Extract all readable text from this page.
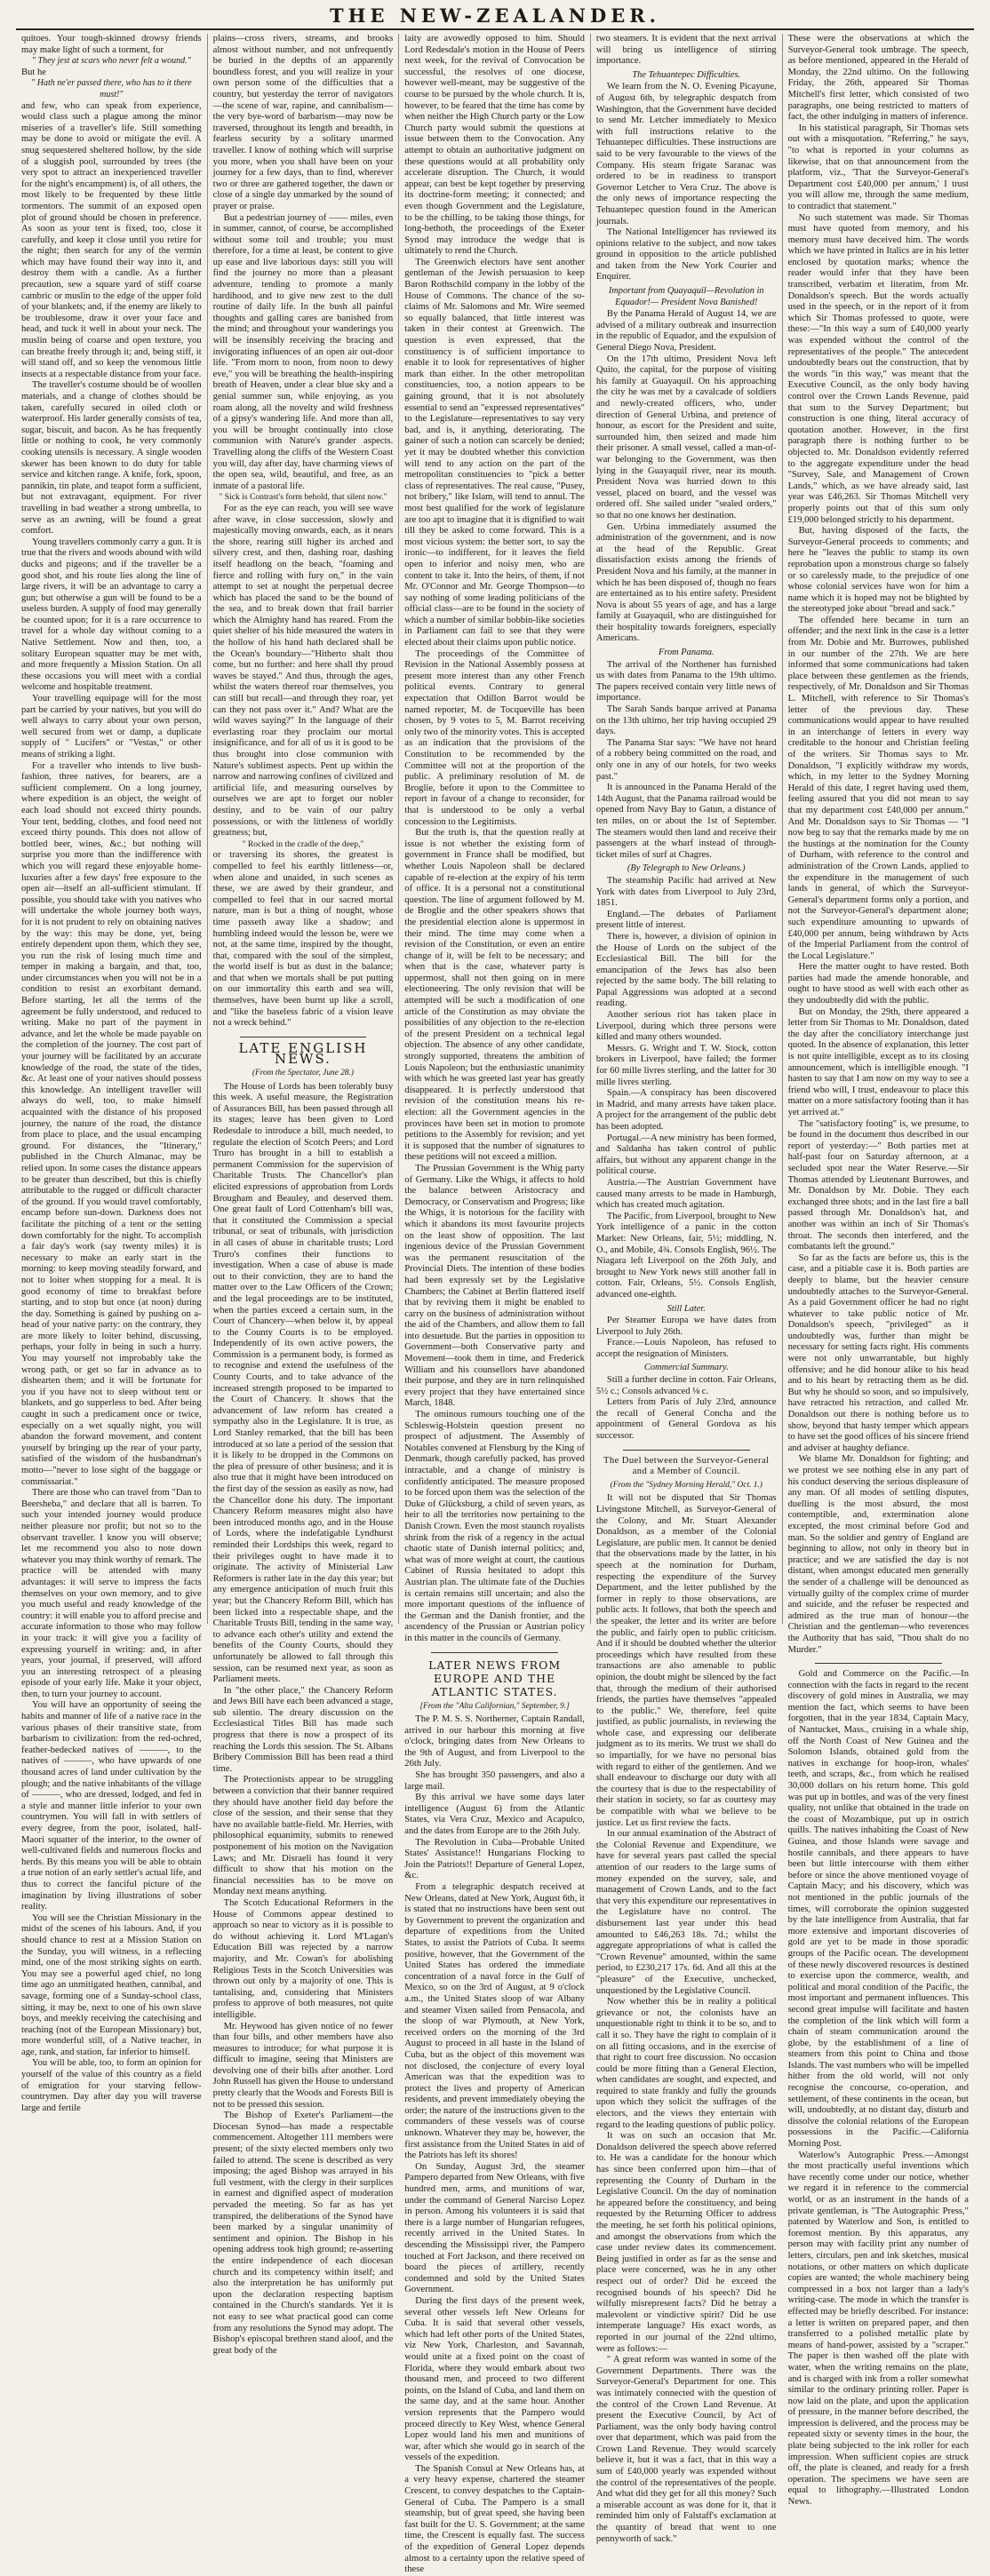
THE NEW-ZEALANDER.

quitoes. Your tough-skinned drowsy friends may make light of such a torment, for

" They jest at scars who never felt a wound."

But he

" Hath ne'er passed there, who has to it there must!"

and few, who can speak from experience, would class such a plague among the minor miseries of a traveller's life. Still something may be done to avoid or mitigate the evil. A snug sequestered sheltered hollow, by the side of a sluggish pool, surrounded by trees (the very spot to attract an inexperienced traveller for the night's encampment) is, of all others, the most likely to be frequented by these little tormentors. The summit of an exposed open plot of ground should be chosen in preference. As soon as your tent is fixed, too, close it carefully, and keep it close until you retire for the night; then search for any of the vermin which may have found their way into it, and destroy them with a candle. As a further precaution, sew a square yard of stiff coarse cambric or muslin to the edge of the upper fold of your blankets; and, if the enemy are likely to be troublesome, draw it over your face and head, and tuck it well in about your neck. The muslin being of coarse and open texture, you can breathe freely through it; and, being stiff, it will stand off, and so keep the venomous little insects at a respectable distance from your face.

The traveller's costume should be of woollen materials, and a change of clothes should be taken, carefully secured in oiled cloth or waterproof. His larder generally consists of tea, sugar, biscuit, and bacon. As he has frequently little or nothing to cook, he very commonly cooking utensils is necessary. A single wooden skewer has been known to do duty for table service and kitchen range. A knife, fork, spoon, pannikin, tin plate, and teapot form a sufficient, but not extravagant, equipment. For river travelling in bad weather a strong umbrella, to serve as an awning, will be found a great comfort.

Young travellers commonly carry a gun. It is true that the rivers and woods abound with wild ducks and pigeons; and if the traveller be a good shot, and his route lies along the line of large rivers, it will be an advantage to carry a gun; but otherwise a gun will be found to be a useless burden. A supply of food may generally be counted upon; for it is a rare occurrence to travel for a whole day without coming to a Native Settlement. Now and then, too, a solitary European squatter may be met with, and more frequently a Mission Station. On all these occasions you will meet with a cordial welcome and hospitable treatment.

Your travelling equipage will for the most part be carried by your natives, but you will do well always to carry about your own person, well secured from wet or damp, a duplicate supply of " Lucifers" or "Vestas," or other means of striking a light.

For a traveller who intends to live bush-fashion, three natives, for bearers, are a sufficient complement. On a long journey, where expedition is an object, the weight of each load should not exceed thirty pounds. Your tent, bedding, clothes, and food need not exceed thirty pounds. This does not allow of bottled beer, wines, &c.; but nothing will surprise you more than the indifference with which you will regard these enjoyable home-luxuries after a few days' free exposure to the open air—itself an all-sufficient stimulant. If possible, you should take with you natives who will undertake the whole journey both ways, for it is not prudent to rely on obtaining natives by the way: this may be done, yet, being entirely dependent upon them, which they see, you run the risk of losing much time and temper in making a bargain, and that, too, under circumstances when you will not be in a condition to resist an exorbitant demand. Before starting, let all the terms of the agreement be fully understood, and reduced to writing. Make no part of the payment in advance, and let the whole be made payable on the completion of the journey. The cost part of your journey will be facilitated by an accurate knowledge of the road, the state of the tides, &c. At least one of your natives should possess this knowledge. An intelligent traveller will always do well, too, to make himself acquainted with the distance of his proposed journey, the nature of the road, the distance from place to place, and the usual encamping ground. For distances, the "Itinerary," published in the Church Almanac, may be relied upon. In some cases the distance appears to be greater than described, but this is chiefly attributable to the rugged or difficult character of the ground. If you would travel comfortably, encamp before sun-down. Darkness does not facilitate the pitching of a tent or the setting down comfortably for the night. To accomplish a fair day's work (say twenty miles) it is necessary to make an early start in the morning: to keep moving steadily forward, and not to loiter when stopping for a meal. It is good economy of time to breakfast before starting, and to stop but once (at noon) during the day. Something is gained by pushing on a-head of your native party: on the contrary, they are more likely to loiter behind, discussing, perhaps, your folly in being in such a hurry. You may yourself not improbably take the wrong path, or get so far in advance as to dishearten them; and it will be fortunate for you if you have not to sleep without tent or blankets, and go supperless to bed. After being caught in such a predicament once or twice, especially on a wet squally night, you will abandon the forward movement, and content yourself by bringing up the rear of your party, satisfied of the wisdom of the husbandman's motto—"never to lose sight of the baggage or commissariat."

There are those who can travel from "Dan to Beersheba," and declare that all is barren. To such your intended journey would produce neither pleasure nor profit; but not so to the observant traveller. I know you will observe; let me recommend you also to note down whatever you may think worthy of remark. The practice will be attended with many advantages: it will serve to impress the facts themselves on your own memory, and to give you much useful and ready knowledge of the country: it will enable you to afford precise and accurate information to those who may follow in your track: it will give you a facility of expressing yourself in writing: and, in after years, your journal, if preserved, will afford you an interesting retrospect of a pleasing episode of your early life. Make it your object, then, to turn your journey to account.

You will have an opportunity of seeing the habits and manner of life of a native race in the various phases of their transitive state, from barbarism to civilization: from the red-ochred, feather-bedecked natives of ———, to the natives of ———, who have upwards of one thousand acres of land under cultivation by the plough; and the native inhabitants of the village of ———, who are dressed, lodged, and fed in a style and manner little inferior to your own countrymen. You will fall in with settlers of every degree, from the poor, isolated, half-Maori squatter of the interior, to the owner of well-cultivated fields and numerous flocks and herds. By this means you will be able to obtain a true notion of an early settler's actual life, and thus to correct the fanciful picture of the imagination by living illustrations of sober reality.

You will see the Christian Missionary in the midst of the scenes of his labours. And, if you should chance to rest at a Mission Station on the Sunday, you will witness, in a reflecting mind, one of the most striking sights on earth. You may see a powerful aged chief, no long time ago an unmitigated heathen, cannibal, and savage, forming one of a Sunday-school class, sitting, it may be, next to one of his own slave boys, and meekly receiving the catechising and teaching (not of the European Missionary) but, more wonderful still, of a Native teacher, in age, rank, and station, far inferior to himself.

You will be able, too, to form an opinion for yourself of the value of this country as a field of emigration for your starving fellow-countrymen. Day after day you will traverse large and fertile

plains—cross rivers, streams, and brooks almost without number, and not unfrequently be buried in the depths of an apparently boundless forest, and you will realize in your own person some of the difficulties that a country, but yesterday the terror of navigators—the scene of war, rapine, and cannibalism—the very bye-word of barbarism—may now be traversed, throughout its length and breadth, in fearless security by a solitary unarmed traveller. I know of nothing which will surprise you more, when you shall have been on your journey for a few days, than to find, wherever two or three are gathered together, the dawn or close of a single day unmarked by the sound of prayer or praise.

But a pedestrian journey of —— miles, even in summer, cannot, of course, be accomplished without some toil and trouble; you must therefore, for a time at least, be content to give up ease and live laborious days: still you will find the journey no more than a pleasant adventure, tending to promote a manly hardihood, and to give new zest to the dull routine of daily life. In the bush all painful thoughts and galling cares are banished from the mind; and throughout your wanderings you will be insensibly receiving the bracing and invigorating influences of an open air out-door life. "From morn to noon, from noon to dewy eve," you will be breathing the health-inspiring breath of Heaven, under a clear blue sky and a genial summer sun, while enjoying, as you roam along, all the novelty and wild freshness of a gipsy's wandering life. And more than all, you will be brought continually into close communion with Nature's grander aspects. Travelling along the cliffs of the Western Coast you will, day after day, have charming views of the open sea, wild, beautiful, and free, as an inmate of a pastoral life.

" Sick is Contrast's form behold, that silent now."

For as the eye can reach, you will see wave after wave, in close succession, slowly and majestically moving onwards, each, as it nears the shore, rearing still higher its arched and silvery crest, and then, dashing roar, dashing itself headlong on the beach, "foaming and fierce and rolling with fury on," in the vain attempt to set at nought the perpetual decree which has placed the sand to be the bound of the sea, and to break down that frail barrier which the Almighty hand has reared. From the quiet shelter of his hide measured the waters in the hollow of his hand hath declared shall be the Ocean's boundary—"Hitherto shalt thou come, but no further: and here shall thy proud waves be stayed." And thus, through the ages, whilst the waters thereof roar themselves, you can still but recall—and through they roar, yet can they not pass over it." And? What are the wild waves saying?" In the language of their everlasting roar they proclaim our mortal insignificance, and for all of us it is good to be thus brought into close communion with Nature's sublimest aspects. Pent up within the narrow and narrowing confines of civilized and artificial life, and measuring ourselves by ourselves we are apt to forget our nobler destiny, and to be vain of our paltry possessions, or with the littleness of worldly greatness; but,

" Rocked in the cradle of the deep,"

or traversing its shores, the greatest is compelled to feel his earthly littleness—or, when alone and unaided, in such scenes as these, we are awed by their grandeur, and compelled to feel that in our sacred mortal nature, man is but a thing of nought, whose time passeth away like a shadow; and humbling indeed would the lesson be, were we not, at the same time, inspired by the thought, that, compared with the soul of the simplest, the world itself is but as dust in the balance; and that when we mortals shall be put putting on our immortality this earth and sea will, themselves, have been burnt up like a scroll, and "like the baseless fabric of a vision leave not a wreck behind."

LATE ENGLISH NEWS.
(From the Spectator, June 28.)

The House of Lords has been tolerably busy this week. A useful measure, the Registration of Assurances Bill, has been passed through all its stages; leave has been given to Lord Redesdale to introduce a bill, much needed, to regulate the election of Scotch Peers; and Lord Truro has brought in a bill to establish a permanent Commission for the supervision of Charitable Trusts. The Chancellor's plan elicited expressions of approbation from Lords Brougham and Beauley, and deserved them. One great fault of Lord Cottenham's bill was, that it constituted the Commission a special tribunal, or seat of tribunals, with jurisdiction in all cases of abuse in charitable trusts; Lord Truro's confines their functions to investigation. When a case of abuse is made out to their conviction, they are to hand the matter over to the Law Officers of the Crown; and the legal proceedings are to be instituted, when the parties exceed a certain sum, in the Court of Chancery—when below it, by appeal to the County Courts is to be employed. Independently of its own active powers, the Commission is a permanent body, is formed as to recognise and extend the usefulness of the County Courts, and to take advance of the increased strength proposed to be imparted to the Court of Chancery. It shows that the advancement of law reform has created a sympathy also in the Legislature. It is true, as Lord Stanley remarked, that the bill has been introduced at so late a period of the session that it is likely to be dropped in the Commons on the plea of pressure of other business; and it is also true that it might have been introduced on the first day of the session as easily as now, had the Chancellor done his duty. The important Chancery Reform measures might also have been introduced months ago, and in the House of Lords, where the indefatigable Lyndhurst reminded their Lordships this week, regard to their privileges ought to have made it to originate. The activity of Ministerial Law Reformers is rather late in the day this year; but any emergence anticipation of much fruit this year; but the Chancery Reform Bill, which has been licked into a respectable shape, and the Charitable Trusts Bill, tending in the same way, to advance each other's utility and extend the benefits of the County Courts, should they unfortunately be allowed to fall through this session, can be resumed next year, as soon as Parliament meets.

In "the other place," the Chancery Reform and Jews Bill have each been advanced a stage, sub silentio. The dreary discussion on the Ecclesiastical Titles Bill has made such progress that there is now a prospect of its reaching the Lords this session. The St. Albans Bribery Commission Bill has been read a third time.

The Protectionists appear to be struggling between a conviction that their banner required they should have another field day before the close of the session, and their sense that they have no available battle-field. Mr. Herries, with philosophical equanimity, submits to renewed postponement of his motion on the Navigation Laws; and Mr. Disraeli has found it very difficult to show that his motion on the financial necessities has to be move on Monday next means anything.

The Scotch Educational Reformers in the House of Commons appear destined to approach so near to victory as it is possible to do without achieving it. Lord M'Lagan's Education Bill was rejected by a narrow majority, and Mr. Cowan's for abolishing Religious Tests in the Scotch Universities was thrown out only by a majority of one. This is tantalising, and, considering that Ministers profess to approve of both measures, not quite intelligible.

Mr. Heywood has given notice of no fewer than four bills, and other members have also measures to introduce; for what purpose it is difficult to imagine, seeing that Ministers are devolving one of their bills after another. Lord John Russell has given the House to understand pretty clearly that the Woods and Forests Bill is not to be pressed this session.

The Bishop of Exeter's Parliament—the Diocesan Synod—has made a respectable commencement. Altogether 111 members were present; of the sixty elected members only two failed to attend. The scene is described as very imposing; the aged Bishop was arrayed in his full vestment, with the clergy in their surplices in earnest and dignified aspect of moderation pervaded the meeting. So far as has yet transpired, the deliberations of the Synod have been marked by a singular unanimity of sentiment and opinion. The Bishop in his opening address took high ground; re-asserting the entire independence of each diocesan church and its competency within itself; and also the interpretation he has uniformly put upon the declaration respecting baptism contained in the Church's standards. Yet it is not easy to see what practical good can come from any resolutions the Synod may adopt. The Bishop's episcopal brethren stand aloof, and the great body of the

laity are avowedly opposed to him. Should Lord Redesdale's motion in the House of Peers next week, for the revival of Convocation be successful, the resolves of one diocese, however well-meant, may be suggestive of the course to be pursued by the whole church. It is, however, to be feared that the time has come by when neither the High Church party or the Low Church party would submit the questions at issue between them to the Convocation. Any attempt to obtain an authoritative judgment on these questions would at all probability only accelerate disruption. The Church, it would appear, can best be kept together by preserving its doctrine-form meeting; it connected; and even though Government and the Legislature, to be the chilling, to be taking those things, for long-bethoth, the proceedings of the Exeter Synod may introduce the wedge that is ultimately to rend the Church.

The Greenwich electors have sent another gentleman of the Jewish persuasion to keep Baron Rothschild company in the lobby of the House of Commons. The chance of the so-claims of Mr. Salomons and Mr. Wire seemed so equally balanced, that little interest was taken in their contest at Greenwich. The question is even expressed, that the constituency is of sufficient importance to enable it to look for representatives of higher mark than either. In the other metropolitan constituencies, too, a notion appears to be gaining ground, that it is not absolutely essential to send an "expressed representatives" to the Legislature—representatives to say very bad, and is, it anything, deteriorating. The gainer of such a notion can scarcely be denied; yet it may be doubted whether this conviction will tend to any action on the part of the metropolitan constituencies to "pick a better class of representatives. The real cause, "Pusey, not bribery," like Islam, will tend to annul. The most best qualified for the work of legislature are too apt to imagine that it is dignified to wait till they be asked to come forward. This is a most vicious system: the better sort, to say the ironic—to indifferent, for it leaves the field open to inferior and noisy men, who are content to take it. Into the heirs, of them, if not Mr. O'Connor and Mr. George Thompson—to say nothing of some leading politicians of the official class—are to be found in the society of which a number of similar bobbin-like societies in Parliament can fail to see that they were elected about their claims upon public notice.

The proceedings of the Committee of Revision in the National Assembly possess at present more interest than any other French political events. Contrary to general expectation that Odillon Barrot would be named reporter, M. de Tocqueville has been chosen, by 9 votes to 5, M. Barrot receiving only two of the minority votes. This is accepted as an indication that the provisions of the Constitution to be recommended by the Committee will not at the proportion of the public. A preliminary resolution of M. de Broglie, before it upon to the Committee to report in favour of a change to reconsider, for that is understood to be only a verbal concession to the Legitimists.

But the truth is, that the question really at issue is not whether the existing form of government in France shall be modified, but whether Louis Napoleon shall be declared capable of re-election at the expiry of his term of office. It is a personal not a constitutional question. The line of argument followed by M. de Broglie and the other speakers shows that the presidential election alone is uppermost in their mind. The time may come when a revision of the Constitution, or even an entire change of it, will be felt to be necessary; and when that is the case, whatever party is uppermost, shall not then going on in mere electioneering. The only revision that will be attempted will be such a modification of one article of the Constitution as may obviate the possibilities of any objection to the re-election of the present President on a technical legal objection. The absence of any other candidate, strongly supported, threatens the ambition of Louis Napoleon; but the enthusiastic unanimity with which he was greeted last year has greatly disappeared. It is perfectly understood that revision of the constitution means his re-election: all the Government agencies in the provinces have been set in motion to promote petitions to the Assembly for revision; and yet it is supposed that the number of signatures to these petitions will not exceed a million.

The Prussian Government is the Whig party of Germany. Like the Whigs, it affects to hold the balance between Aristocracy and Democracy, or Conservatism and Progress; like the Whigs, it is notorious for the facility with which it abandons its most favourite projects on the least show of opposition. The last ingenious device of the Prussian Government was the permanent resuscitation of the Provincial Diets. The intention of these bodies had been expressly set by the Legislative Chambers; the Cabinet at Berlin flattered itself that by reviving them it might be enabled to carry on the business of administration without the aid of the Chambers, and allow them to fall into desuetude. But the parties in opposition to Government—both Conservative party and Movement—took them in time, and Frederick William and his counsellors have abandoned their purpose, and they are in turn relinquished every project that they have entertained since March, 1848.

The ominous rumours touching one of the Schleswig-Holstein question present no prospect of adjustment. The Assembly of Notables convened at Flensburg by the King of Denmark, though carefully packed, has proved intractable, and a change of ministry is confidently anticipated. The measure proposed to be forced upon them was the selection of the Duke of Glücksburg, a child of seven years, as heir to all the territories now pertaining to the Danish Crown. Even the most staunch royalists shrink from the risk of a regency in the actual chaotic state of Danish internal politics; and, what was of more weight at court, the cautious Cabinet of Russia hesitated to adopt this Austrian plan. The ultimate fate of the Duchies is certain remains still uncertain; and also the more important questions of the influence of the German and the Danish frontier, and the ascendency of the Prussian or Austrian policy in this matter in the councils of Germany.

LATER NEWS FROM EUROPE AND THE ATLANTIC STATES.
[From the "Alta Californian," September, 9.]

The P. M. S. S. Northerner, Captain Randall, arrived in our harbour this morning at five o'clock, bringing dates from New Orleans to the 9th of August, and from Liverpool to the 26th July.

She has brought 350 passengers, and also a large mail.

By this arrival we have some days later intelligence (August 6) from the Atlantic States, via Vera Cruz, Mexico and Acapulco, and the dates from Europe are to the 26th July.

The Revolution in Cuba—Probable United States' Assistance!! Hungarians Flocking to Join the Patriots!! Departure of General Lopez, &c.

From a telegraphic despatch received at New Orleans, dated at New York, August 6th, it is stated that no instructions have been sent out by Government to prevent the organization and departure of expeditions from the United States, to assist the Patriots of Cuba. It seems positive, however, that the Government of the United States has ordered the immediate concentration of a naval force in the Gulf of Mexico, so on the 3rd of August, at 9 o'clock a.m., the United States sloop of war Albany and steamer Vixen sailed from Pensacola, and the sloop of war Plymouth, at New York, received orders on the morning of the 3rd August to proceed in all haste in the Island of Cuba, but as the object of this movement was not disclosed, the conjecture of every loyal American was that the expedition was to protect the lives and property of American residents, and prevent immediately obeying the order; the nature of the instructions given to the commanders of these vessels was of course unknown. Whatever they may be, however, the first assistance from the United States in aid of the Patriots has left its shores!

On Sunday, August 3rd, the steamer Pampero departed from New Orleans, with five hundred men, arms, and munitions of war, under the command of General Narciso Lopez in person. Among his volunteers it is said that there is a large number of Hungarian refugees, recently arrived in the United States. In descending the Mississippi river, the Pampero touched at Fort Jackson, and there received on board the pieces of artillery, recently condemned and sold by the United States Government.

During the first days of the present week, several other vessels left New Orleans for Cuba. It is said that several other vessels, which had left other ports of the United States, viz New York, Charleston, and Savannah, would unite at a fixed point on the coast of Florida, where they would embark about two thousand men, and proceed to two different points, on the Island of Cuba, and land them on the same day, and at the same hour. Another version represents that the Pampero would proceed directly to Key West, whence General Lopez would land his men and munitions of war, after which she would go in search of the vessels of the expedition.

The Spanish Consul at New Orleans has, at a very heavy expense, chartered the steamer Crescent, to convey despatches to the Captain-General of Cuba. The Pampero is a small steamship, but of great speed, she having been fast built for the U. S. Government; at the same time, the Crescent is equally fast. The success of the expedition of General Lopez depends almost to a certainty upon the relative speed of these

two steamers. It is evident that the next arrival will bring us intelligence of stirring importance.

The Tehuantepec Difficulties.

We learn from the N. O. Evening Picayune, of August 6th, by telegraphic despatch from Washington, that the Government have decided to send Mr. Letcher immediately to Mexico with full instructions relative to the Tehuantepec difficulties. These instructions are said to be very favourable to the views of the Company. His steam frigate Saranac was ordered to be in readiness to transport Governor Letcher to Vera Cruz. The above is the only news of importance respecting the Tehuantepec question found in the American journals.

The National Intelligencer has reviewed its opinions relative to the subject, and now takes ground in opposition to the article published and taken from the New York Courier and Enquirer.

Important from Quayaquil—Revolution in Equador!— President Nova Banished!

By the Panama Herald of August 14, we are advised of a military outbreak and insurrection in the republic of Equador, and the expulsion of General Diego Nova, President.

On the 17th ultimo, President Nova left Quito, the capital, for the purpose of visiting his family at Guayaquil. On his approaching the city he was met by a cavalcade of soldiers and newly-created officers, who, under direction of General Urbina, and pretence of honour, as escort for the President and suite, surrounded him, then seized and made him their prisoner. A small vessel, called a man-of-war belonging to the Government, was then lying in the Guayaquil river, near its mouth. President Nova was hurried down to this vessel, placed on board, and the vessel was ordered off. She sailed under "sealed orders," so that no one knows her destination.

Gen. Urbina immediately assumed the administration of the government, and is now at the head of the Republic. Great dissatisfaction exists among the friends of President Nova and his family, at the manner in which he has been disposed of, though no fears are entertained as to his entire safety. President Nova is about 55 years of age, and has a large family at Guayaquil, who are distinguished for their hospitality towards foreigners, especially Americans.

From Panama.

The arrival of the Northener has furnished us with dates from Panama to the 19th ultimo. The papers received contain very little news of importance.

The Sarah Sands barque arrived at Panama on the 13th ultimo, her trip having occupied 29 days.

The Panama Star says: "We have not heard of a robbery being committed on the road, and only one in any of our hotels, for two weeks past."

It is announced in the Panama Herald of the 14th August, that the Panama railroad would be opened from Navy Bay to Gatun, a distance of ten miles, on or about the 1st of September. The steamers would then land and receive their passengers at the wharf instead of through-ticket miles of surf at Chagres.

(By Telegraph to New Orleans.)

The steamship Pacific had arrived at New York with dates from Liverpool to July 23rd, 1851.

England.—The debates of Parliament present little of interest.

There is, however, a division of opinion in the House of Lords on the subject of the Ecclesiastical Bill. The bill for the emancipation of the Jews has also been rejected by the same body. The bill relating to Papal Aggressions was adopted at a second reading.

Another serious riot has taken place in Liverpool, during which three persons were killed and many others wounded.

Messrs. G. Wright and T. W. Stock, cotton brokers in Liverpool, have failed; the former for 60 mille livres sterling, and the latter for 30 mille livres sterling.

Spain.—A conspiracy has been discovered in Madrid, and many arrests have taken place. A project for the arrangement of the public debt has been adopted.

Portugal.—A new ministry has been formed, and Saldanha has taken control of public affairs, but without any apparent change in the political course.

Austria.—The Austrian Government have caused many arrests to be made in Hamburgh, which has created much agitation.

The Pacific, from Liverpool, brought to New York intelligence of a panic in the cotton Market: New Orleans, fair, 5½; middling, N. O., and Mobile, 4¾. Consols English, 96½. The Niagara left Liverpool on the 26th July, and brought to New York news still another fall in cotton. Fair, Orleans, 5½. Consols English, advanced one-eighth.

Still Later.

Per Steamer Europa we have dates from Liverpool to July 26th.

France.—Louis Napoleon, has refused to accept the resignation of Ministers.

Commercial Summary.

Still a further decline in cotton. Fair Orleans, 5½ c.; Consols advanced ⅛ c.

Letters from Paris of July 23rd, announce the recall of General Concha and the appointment of General Gordova as his successor.

The Duel between the Surveyor-General and a Member of Council.
(From the "Sydney Morning Herald," Oct. 1.)

It will not be disputed that Sir Thomas Livingstone Mitchell, as Surveyor-General of the Colony, and Mr. Stuart Alexander Donaldson, as a member of the Colonial Legislature, are public men. It cannot be denied that the observations made by the latter, in his speech at the nomination for Durham, respecting the expenditure of the Survey Department, and the letter published by the former in reply to those observations, are public acts. It follows, that both the speech and the speaker, the letter and its writer are before the public, and fairly open to public criticism. And if it should be doubted whether the ulterior proceedings which have resulted from these transactions are also amenable to public opinion, the doubt might be silenced by the fact that, through the medium of their authorised friends, the parties have themselves "appealed to the public." We, therefore, feel quite justified, as public journalists, in reviewing the whole case, and expressing our deliberate judgment as to its merits. We trust we shall do so impartially, for we have no personal bias with regard to either of the gentlemen. And we shall endeavour to discharge our duty with all the courtesy that is due to the respectability of their station in society, so far as courtesy may be compatible with what we believe to be justice. Let us first review the facts.

In our annual examination of the Abstract of the Colonial Revenue and Expenditure, we have for several years past called the special attention of our readers to the large sums of money expended on the survey, sale, and management of Crown Lands, and to the fact that very this expenditure our representatives in the Legislature have no control. The disbursement last year under this head amounted to £46,263 18s. 7d.; whilst the aggregate appropriations of what is called the "Crown Revenue" amounted, within the same period, to £230,217 17s. 6d. And all this at the "pleasure" of the Executive, unchecked, unquestioned by the Legislative Council.

Now whether this be in reality a political grievance or not, the colonists have an unquestionable right to think it to be so, and to call it so. They have the right to complain of it on all fitting occasions, and in the exercise of that right to court free discussion. No occasion could be more fitting than a General Election, when candidates are sought, and expected, and required to state frankly and fully the grounds upon which they solicit the suffrages of the electors, and the views they entertain with regard to the leading questions of public policy.

It was on such an occasion that Mr. Donaldson delivered the speech above referred to. He was a candidate for the honour which has since been conferred upon him—that of representing the County of Durham in the Legislative Council. On the day of nomination he appeared before the constituency, and being requested by the Returning Officer to address the meeting, he set forth his political opinions, and amongst the observations from which the case under review dates its commencement. Being justified in order as far as the sense and place were concerned, was he in any other respect out of order? Did he exceed the recognised bounds of his speech? Did he wilfully misrepresent facts? Did he betray a malevolent or vindictive spirit? Did he use intemperate language? His exact words, as reported in our journal of the 22nd ultimo, were as follows:—

" A great reform was wanted in some of the Government Departments. There was the Surveyor-General's Department for one. This was intimately connected with the question of the control of the Crown Land Revenue. At present the Executive Council, by Act of Parliament, was the only body having control over that department, which was paid from the Crown Land Revenue. They would scarcely believe it, but it was a fact, that in this way a sum of £40,000 yearly was expended without the control of the representatives of the people. And what did they get for all this money? Such a miserable account as was done for it, that it reminded him only of Falstaff's exclamation at the quantity of bread that went to one pennyworth of sack."

These were the observations at which the Surveyor-General took umbrage. The speech, as before mentioned, appeared in the Herald of Monday, the 22nd ultimo. On the following Friday, the 26th, appeared Sir Thomas Mitchell's first letter, which consisted of two paragraphs, one being restricted to matters of fact, the other indulging in matters of inference.

In his statistical paragraph, Sir Thomas sets out with a misquotation. "Referring," he says, "to what is reported in your columns as likewise, that on that announcement from the platform, viz., 'That the Surveyor-General's Department cost £40,000 per annum,' I trust you will allow me, through the same medium, to contradict that statement."

No such statement was made. Sir Thomas must have quoted from memory, and his memory must have deceived him. The words which we have printed in Italics are in his letter enclosed by quotation marks; whence the reader would infer that they have been transcribed, verbatim et literatim, from Mr. Donaldson's speech. But the words actually used in the speech, or in the report of it from which Sir Thomas professed to quote, were these:—"In this way a sum of £40,000 yearly was expended without the control of the representatives of the people." The antecedent undoubtedly bears out the construction, that by the words "in this way," was meant that the Executive Council, as the only body having control over the Crown Lands Revenue, paid that sum to the Survey Department; but construction is one thing, literal accuracy of quotation another. However, in the first paragraph there is nothing further to be objected to. Mr. Donaldson evidently referred to the aggregate expenditure under the head "Survey, Sale, and Management of Crown Lands," which, as we have already said, last year was £46,263. Sir Thomas Mitchell very properly points out that of this sum only £19,000 belonged strictly to his department.

But, having disposed of the facts, the Surveyor-General proceeds to comments; and here he "leaves the public to stamp its own reprobation upon a monstrous charge so falsely or so carelessly made, to the prejudice of one whose colonial services have won for him a name which it is hoped may not be blighted by the stereotyped joke about "bread and sack."

The offended here became in turn an offender; and the next link in the case is a letter from Mr. Dobie and Mr. Burrowes, published in our number of the 27th. We are here informed that some communications had taken place between these gentlemen as the friends, respectively, of Mr. Donaldson and Sir Thomas L. Mitchell, with reference to Sir Thomas's letter of the previous day. These communications would appear to have resulted in an interchange of letters in every way creditable to the honour and Christian feeling of the writers. Sir Thomas says to Mr. Donaldson, "I explicitly withdraw my words, which, in my letter to the Sydney Morning Herald of this date, I regret having used them, feeling assured that you did not mean to say that my department cost £40,000 per annum." And Mr. Donaldson says to Sir Thomas — "I now beg to say that the remarks made by me on the hustings at the nomination for the County of Durham, with reference to the control and administration of the Crown Lands, applied to the expenditure in the management of such lands in general, of which the Surveyor-General's department forms only a portion, and not the Surveyor-General's department alone; such expenditure amounting to upwards of £40,000 per annum, being withdrawn by Acts of the Imperial Parliament from the control of the Local Legislature."

Here the matter ought to have rested. Both parties had made the amende honorable, and ought to have stood as well with each other as they undoubtedly did with the public.

But on Monday, the 29th, there appeared a letter from Sir Thomas to Mr. Donaldson, dated the day after the conciliatory interchange just quoted. In the absence of explanation, this letter is not quite intelligible, except as to its closing announcement, which is intelligible enough. "I hasten to say that I am now on my way to see a friend who will, I trust, endeavour to place this matter on a more satisfactory footing than it has yet arrived at."

The "satisfactory footing" is, we presume, to be found in the document thus described in our report of yesterday:—" Both parties met at half-past four on Saturday afternoon, at a secluded spot near the Water Reserve.—Sir Thomas attended by Lieutenant Burrowes, and Mr. Donaldson by Mr. Dobie. They each exchanged three shots; and in the last fire a ball passed through Mr. Donaldson's hat, and another was within an inch of Sir Thomas's throat. The seconds then interfered, and the combatants left the ground."

So far as the facts are before us, this is the case, and a pitiable case it is. Both parties are deeply to blame, but the heavier censure undoubtedly attaches to the Surveyor-General. As a paid Government officer he had no right whatever to take public notice of Mr. Donaldson's speech, "privileged" as it undoubtedly was, further than might be necessary for setting facts right. His comments were not only unwarrantable, but highly offensive; and he did honour alike to his head and to his heart by retracting them as he did. But why he should so soon, and so impulsively, have retracted his retraction, and called Mr. Donaldson out there is nothing before us to show, beyond that hasty temper which appears to have set the good offices of his sincere friend and adviser at haughty defiance.

We blame Mr. Donaldson for fighting; and we protest we see nothing else in any part of his conduct deserving the serious displeasure of any man. Of all modes of settling disputes, duelling is the most absurd, the most contemptible, and, extermination alone excepted, the most criminal before God and man. So the soldier and gentry of England are beginning to allow, not only in theory but in practice; and we are satisfied the day is not distant, when amongst educated men generally the sender of a challenge will be denounced as virtually guilty of the complex crime of murder and suicide, and the refuser be respected and admired as the true man of honour—the Christian and the gentleman—who reverences the Authority that has said, "Thou shalt do no Murder."

Gold and Commerce on the Pacific.—In connection with the facts in regard to the recent discovery of gold mines in Australia, we may mention the fact, which seems to have been forgotten, that in the year 1834, Captain Macy, of Nantucket, Mass., cruising in a whale ship, off the North Coast of New Guinea and the Solomon Islands, obtained gold from the natives in exchange for hoop-iron, whales' teeth, and scraps, &c., from which he realised 30,000 dollars on his return home. This gold was put up in bottles, and was of the very finest quality, not unlike that obtained in the trade on the coast of Mozambique, put up in ostrich quills. The natives inhabiting the Coast of New Guinea, and those Islands were savage and hostile cannibals, and there appears to have been but little intercourse with them either before or since the above mentioned voyage of Captain Macy; and his discovery, which was not mentioned in the public journals of the times, will corroborate the opinion suggested by the late intelligence from Australia, that far more extensive and important discoveries of gold are yet to be made in those sporadic groups of the Pacific ocean. The development of these newly discovered resources is destined to exercise upon the commerce, wealth, and political and moral condition of the Pacific, the most important and permanent influences. This second great impulse will facilitate and hasten the completion of the link which will form a chain of steam communication around the globe, by the establishment of a line of steamers from this point to China and those Islands. The vast numbers who will be impelled hither from the old world, will not only recognise the concourse, co-operation, and settlement, of these continents in the ocean, but will, undoubtedly, at no distant day, disturb and dissolve the colonial relations of the European possessions in the Pacific.—California Morning Post.

Waterlow's Autographic Press.—Amongst the most practically useful inventions which have recently come under our notice, whether we regard it in reference to the commercial world, or as an instrument in the hands of a private gentleman, is "The Autographic Press," patented by Waterlow and Son, is entitled to foremost mention. By this apparatus, any person may with facility print any number of letters, circulars, pen and ink sketches, musical notations, or other matters on which duplicate copies are wanted; the whole machinery being compressed in a box not larger than a lady's writing-case. The mode in which the transfer is effected may be briefly described. For instance: a letter is written on prepared paper, and then transferred to a polished metallic plate by means of hand-power, assisted by a "scraper." The paper is then washed off the plate with water, when the writing remains on the plate, and is charged with ink from a roller somewhat similar to the ordinary printing roller. Paper is now laid on the plate, and upon the application of pressure, in the manner before described, the impression is delivered, and the process may be repeated sixty or seventy times in the hour, the plate being subjected to the ink roller for each impression. When sufficient copies are struck off, the plate is cleaned, and ready for a fresh operation. The specimens we have seen are equal to lithography.—Illustrated London News.
